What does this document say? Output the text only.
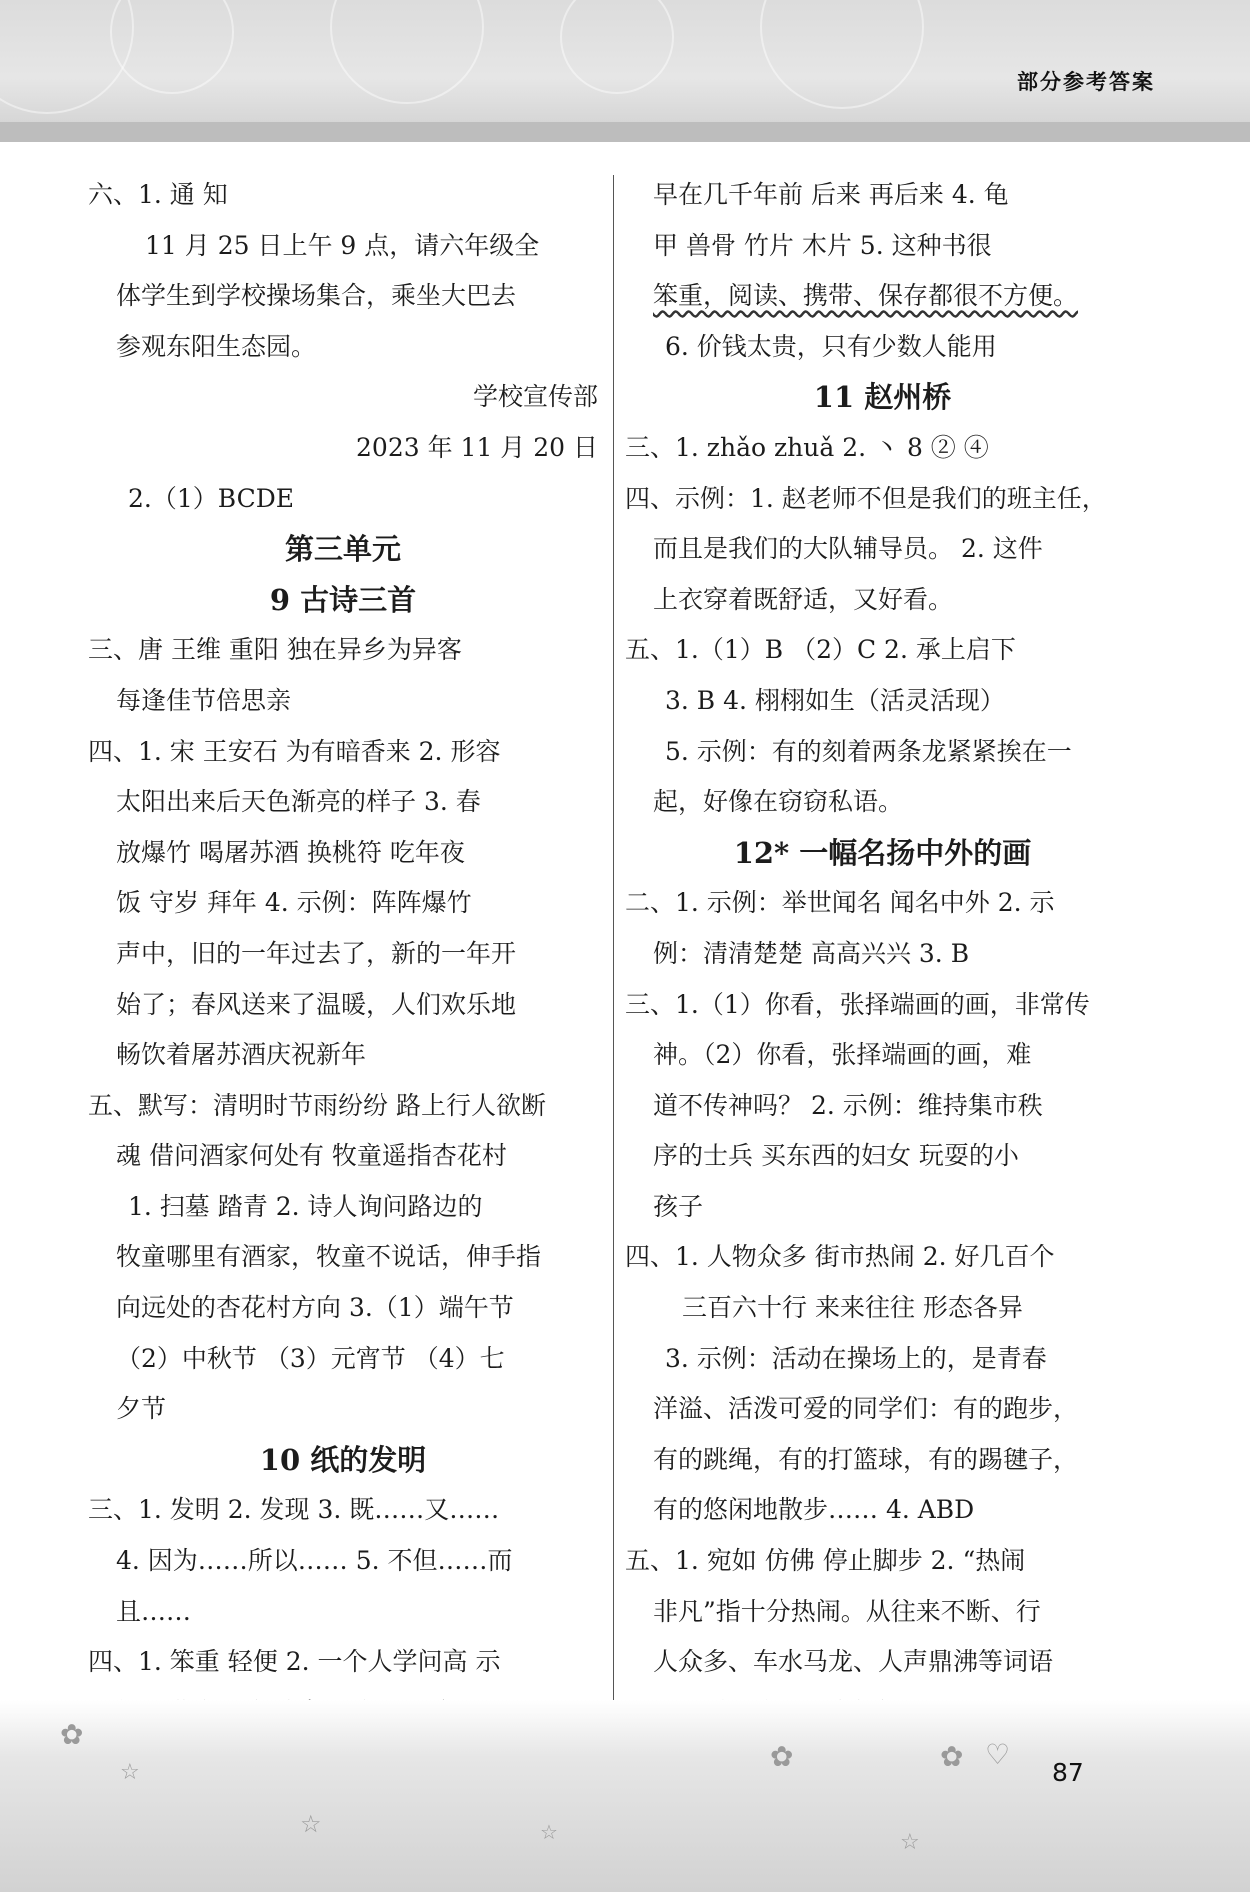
部分参考答案
六、1. 通 知
11 月 25 日上午 9 点，请六年级全
体学生到学校操场集合，乘坐大巴去
参观东阳生态园。
学校宣传部
2023 年 11 月 20 日
2.（1）BCDE
第三单元
9 古诗三首
三、唐 王维 重阳 独在异乡为异客
每逢佳节倍思亲
四、1. 宋 王安石 为有暗香来 2. 形容
太阳出来后天色渐亮的样子 3. 春
放爆竹 喝屠苏酒 换桃符 吃年夜
饭 守岁 拜年 4. 示例：阵阵爆竹
声中，旧的一年过去了，新的一年开
始了；春风送来了温暖，人们欢乐地
畅饮着屠苏酒庆祝新年
五、默写：清明时节雨纷纷 路上行人欲断
魂 借问酒家何处有 牧童遥指杏花村
1. 扫墓 踏青 2. 诗人询问路边的
牧童哪里有酒家，牧童不说话，伸手指
向远处的杏花村方向 3.（1）端午节
（2）中秋节 （3）元宵节 （4）七
夕节
10 纸的发明
三、1. 发明 2. 发现 3. 既……又……
4. 因为……所以…… 5. 不但……而
且……
四、1. 笨重 轻便 2. 一个人学问高 示
早在几千年前 后来 再后来 4. 龟
甲 兽骨 竹片 木片 5. 这种书很
笨重，阅读、携带、保存都很不方便。
6. 价钱太贵，只有少数人能用
11 赵州桥
三、1. zhǎo zhuǎ 2. 丶 8 ② ④
四、示例：1. 赵老师不但是我们的班主任，
而且是我们的大队辅导员。 2. 这件
上衣穿着既舒适，又好看。
五、1.（1）B （2）C 2. 承上启下
3. B 4. 栩栩如生（活灵活现）
5. 示例：有的刻着两条龙紧紧挨在一
起，好像在窃窃私语。
12* 一幅名扬中外的画
二、1. 示例：举世闻名 闻名中外 2. 示
例：清清楚楚 高高兴兴 3. B
三、1.（1）你看，张择端画的画，非常传
神。（2）你看，张择端画的画，难
道不传神吗？ 2. 示例：维持集市秩
序的士兵 买东西的妇女 玩耍的小
孩子
四、1. 人物众多 街市热闹 2. 好几百个
三百六十行 来来往往 形态各异
3. 示例：活动在操场上的，是青春
洋溢、活泼可爱的同学们：有的跑步，
有的跳绳，有的打篮球，有的踢毽子，
有的悠闲地散步…… 4. ABD
五、1. 宛如 仿佛 停止脚步 2. “热闹
非凡”指十分热闹。从往来不断、行
人众多、车水马龙、人声鼎沸等词语
✿
☆
☆	☆
✿	✿ ♡
☆
87
